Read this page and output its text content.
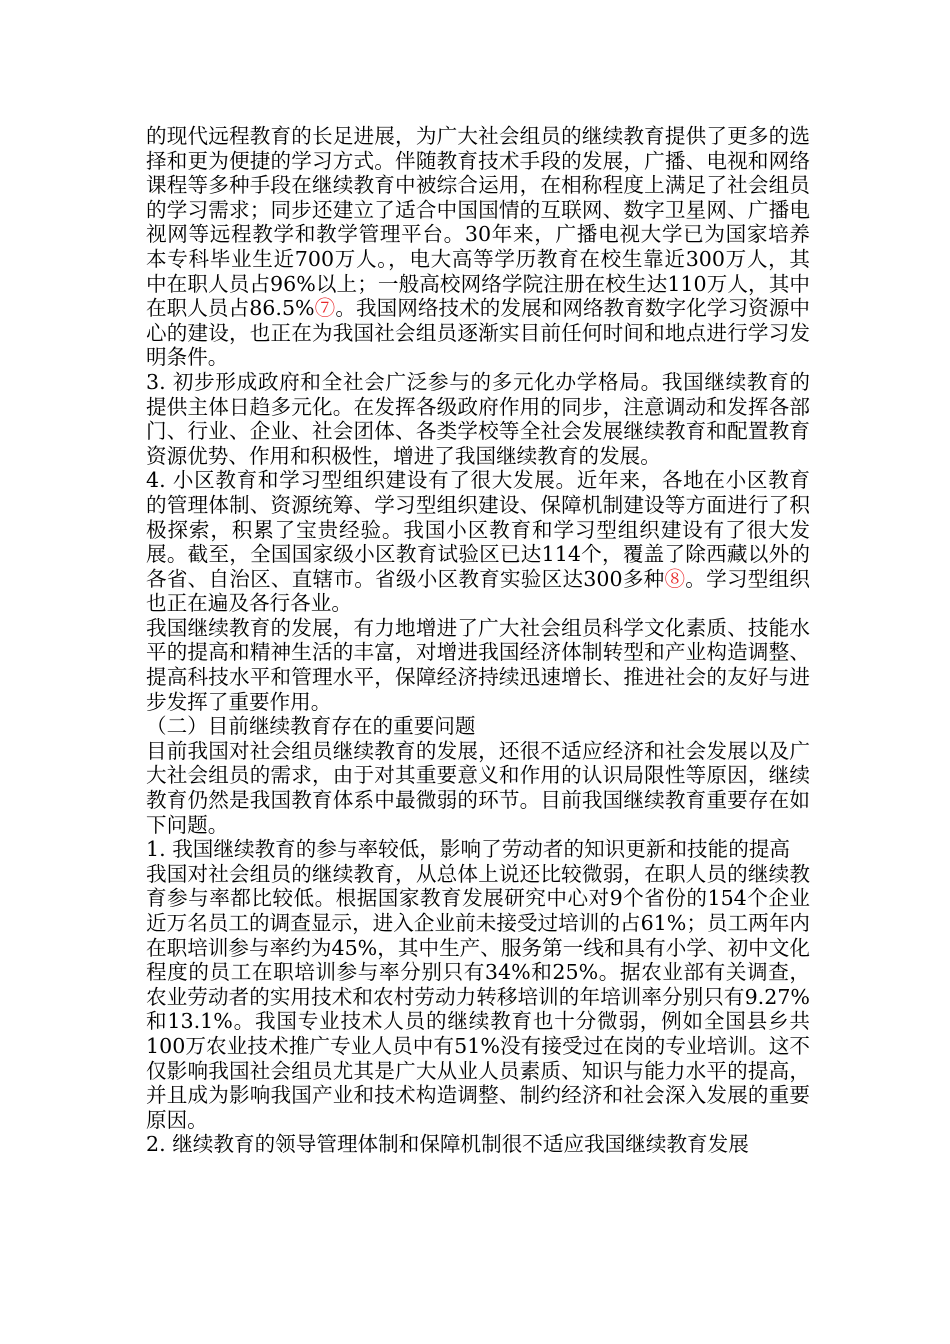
的现代远程教育的长足进展，为广大社会组员的继续教育提供了更多的选择和更为便捷的学习方式。伴随教育技术手段的发展，广播、电视和网络课程等多种手段在继续教育中被综合运用，在相称程度上满足了社会组员的学习需求；同步还建立了适合中国国情的互联网、数字卫星网、广播电视网等远程教学和教学管理平台。30年来，广播电视大学已为国家培养本专科毕业生近700万人。，电大高等学历教育在校生靠近300万人，其中在职人员占96%以上；一般高校网络学院注册在校生达110万人，其中在职人员占86.5%⑦。我国网络技术的发展和网络教育数字化学习资源中心的建设，也正在为我国社会组员逐渐实目前任何时间和地点进行学习发明条件。

3. 初步形成政府和全社会广泛参与的多元化办学格局。我国继续教育的提供主体日趋多元化。在发挥各级政府作用的同步，注意调动和发挥各部门、行业、企业、社会团体、各类学校等全社会发展继续教育和配置教育资源优势、作用和积极性，增进了我国继续教育的发展。

4. 小区教育和学习型组织建设有了很大发展。近年来，各地在小区教育的管理体制、资源统筹、学习型组织建设、保障机制建设等方面进行了积极探索，积累了宝贵经验。我国小区教育和学习型组织建设有了很大发展。截至，全国国家级小区教育试验区已达114个，覆盖了除西藏以外的各省、自治区、直辖市。省级小区教育实验区达300多种⑧。学习型组织也正在遍及各行各业。

我国继续教育的发展，有力地增进了广大社会组员科学文化素质、技能水平的提高和精神生活的丰富，对增进我国经济体制转型和产业构造调整、提高科技水平和管理水平，保障经济持续迅速增长、推进社会的友好与进步发挥了重要作用。

（二）目前继续教育存在的重要问题

目前我国对社会组员继续教育的发展，还很不适应经济和社会发展以及广大社会组员的需求，由于对其重要意义和作用的认识局限性等原因，继续教育仍然是我国教育体系中最微弱的环节。目前我国继续教育重要存在如下问题。

1. 我国继续教育的参与率较低，影响了劳动者的知识更新和技能的提高

我国对社会组员的继续教育，从总体上说还比较微弱，在职人员的继续教育参与率都比较低。根据国家教育发展研究中心对9个省份的154个企业近万名员工的调查显示，进入企业前未接受过培训的占61%；员工两年内在职培训参与率约为45%，其中生产、服务第一线和具有小学、初中文化程度的员工在职培训参与率分别只有34%和25%。据农业部有关调查，农业劳动者的实用技术和农村劳动力转移培训的年培训率分别只有9.27%和13.1%。我国专业技术人员的继续教育也十分微弱，例如全国县乡共100万农业技术推广专业人员中有51%没有接受过在岗的专业培训。这不仅影响我国社会组员尤其是广大从业人员素质、知识与能力水平的提高，并且成为影响我国产业和技术构造调整、制约经济和社会深入发展的重要原因。

2. 继续教育的领导管理体制和保障机制很不适应我国继续教育发展
